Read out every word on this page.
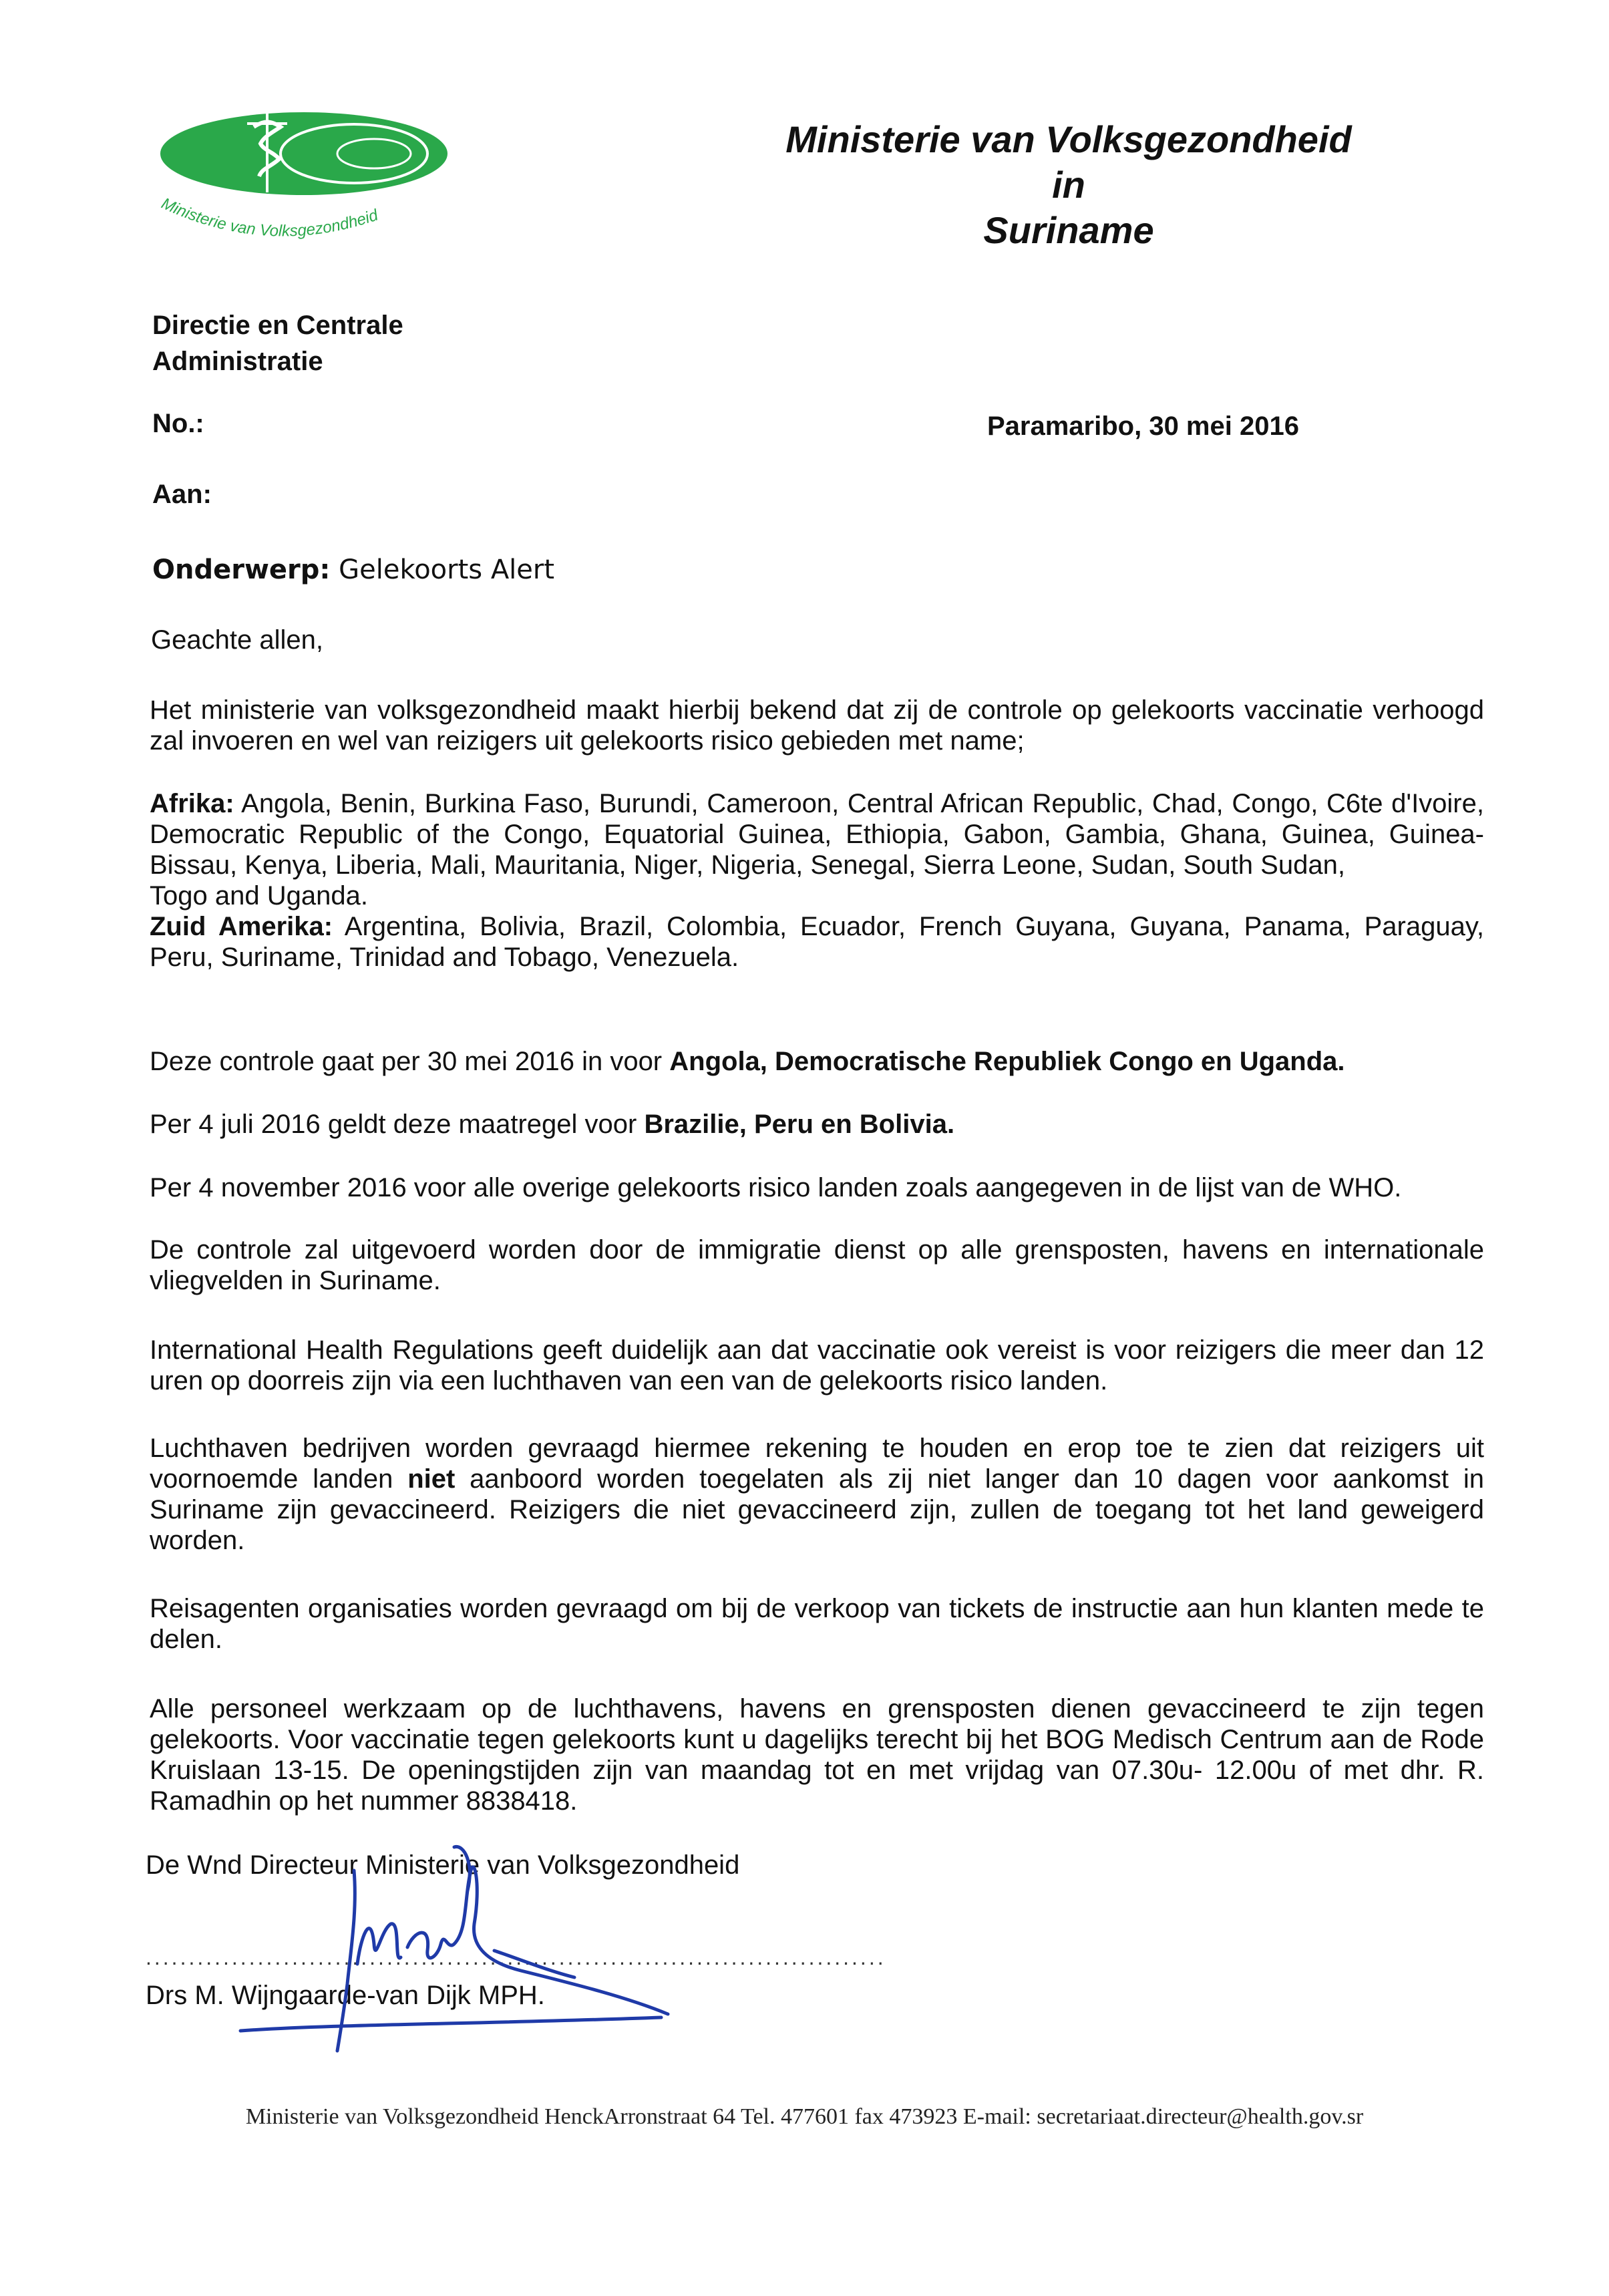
Ministerie van Volksgezondheid
Ministerie van Volksgezondheid
in
Suriname
Directie en Centrale
Administratie
No.:	Paramaribo, 30 mei 2016
Aan:
Onderwerp: Gelekoorts Alert
Geachte allen,
Het ministerie van volksgezondheid maakt hierbij bekend dat zij de controle op gelekoorts vaccinatie verhoogd zal invoeren en wel van reizigers uit gelekoorts risico gebieden met name;

Afrika: Angola, Benin, Burkina Faso, Burundi, Cameroon, Central African Republic, Chad, Congo, C6te d'Ivoire, Democratic Republic of the Congo, Equatorial Guinea, Ethiopia, Gabon, Gambia, Ghana, Guinea, Guinea-Bissau, Kenya, Liberia, Mali, Mauritania, Niger, Nigeria, Senegal, Sierra Leone, Sudan, South Sudan,

Togo and Uganda.

Zuid Amerika: Argentina, Bolivia, Brazil, Colombia, Ecuador, French Guyana, Guyana, Panama, Paraguay, Peru, Suriname, Trinidad and Tobago, Venezuela.

Deze controle gaat per 30 mei 2016 in voor Angola, Democratische Republiek Congo en Uganda.
Per 4 juli 2016 geldt deze maatregel voor Brazilie, Peru en Bolivia.
Per 4 november 2016 voor alle overige gelekoorts risico landen zoals aangegeven in de lijst van de WHO.
De controle zal uitgevoerd worden door de immigratie dienst op alle grensposten, havens en internationale vliegvelden in Suriname.
International Health Regulations geeft duidelijk aan dat vaccinatie ook vereist is voor reizigers die meer dan 12 uren op doorreis zijn via een luchthaven van een van de gelekoorts risico landen.
Luchthaven bedrijven worden gevraagd hiermee rekening te houden en erop toe te zien dat reizigers uit voornoemde landen niet aanboord worden toegelaten als zij niet langer dan 10 dagen voor aankomst in Suriname zijn gevaccineerd. Reizigers die niet gevaccineerd zijn, zullen de toegang tot het land geweigerd worden.
Reisagenten organisaties worden gevraagd om bij de verkoop van tickets de instructie aan hun klanten mede te delen.
Alle personeel werkzaam op de luchthavens, havens en grensposten dienen gevaccineerd te zijn tegen gelekoorts. Voor vaccinatie tegen gelekoorts kunt u dagelijks terecht bij het BOG Medisch Centrum aan de Rode Kruislaan 13-15. De openingstijden zijn van maandag tot en met vrijdag van 07.30u- 12.00u of met dhr. R. Ramadhin op het nummer 8838418.
De Wnd Directeur Ministerie van Volksgezondheid
......................................................................................
Drs M. Wijngaarde-van Dijk MPH.
Ministerie van Volksgezondheid HenckArronstraat 64 Tel. 477601 fax 473923 E-mail: secretariaat.directeur@health.gov.sr
